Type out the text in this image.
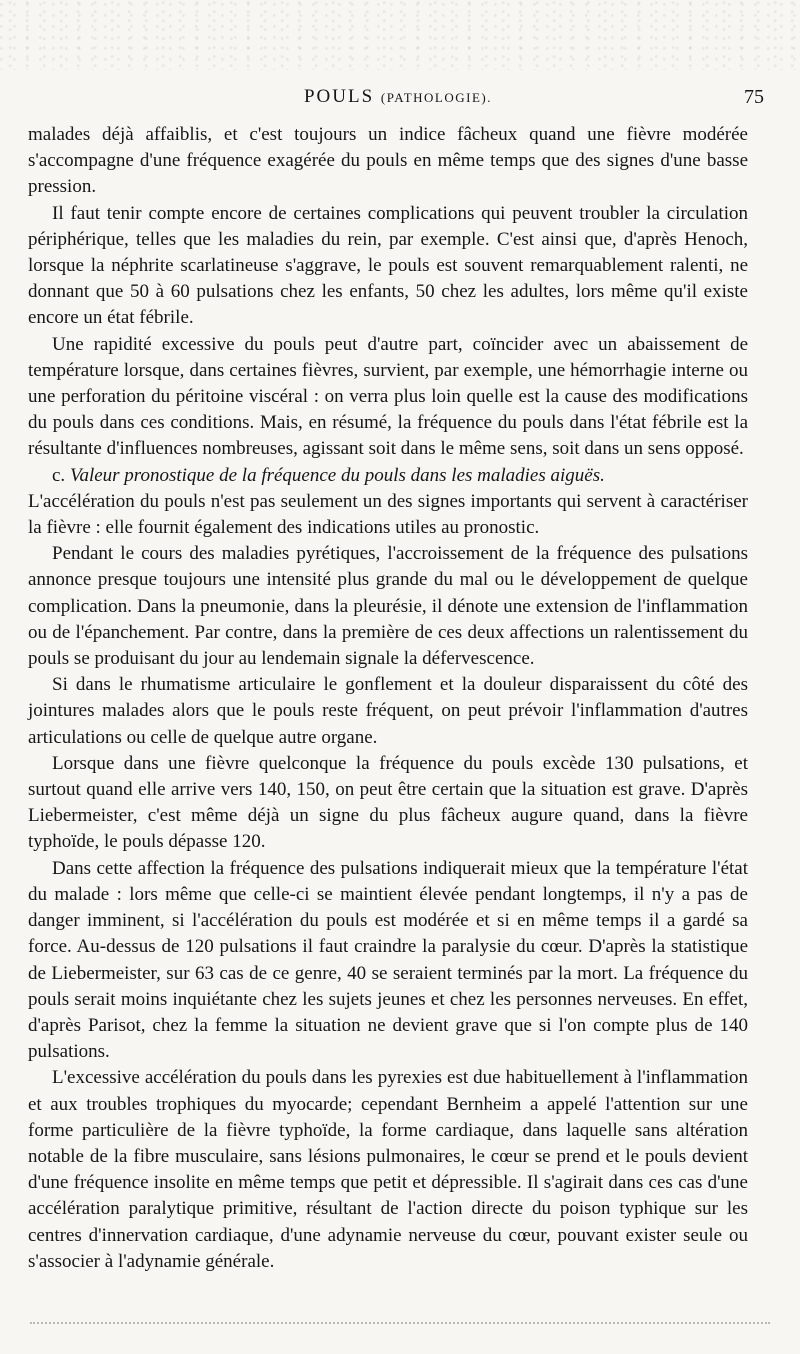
POULS (PATHOLOGIE).	75

malades déjà affaiblis, et c'est toujours un indice fâcheux quand une fièvre modérée s'accompagne d'une fréquence exagérée du pouls en même temps que des signes d'une basse pression.

Il faut tenir compte encore de certaines complications qui peuvent troubler la circulation périphérique, telles que les maladies du rein, par exemple. C'est ainsi que, d'après Henoch, lorsque la néphrite scarlatineuse s'aggrave, le pouls est souvent remarquablement ralenti, ne donnant que 50 à 60 pulsations chez les enfants, 50 chez les adultes, lors même qu'il existe encore un état fébrile.

Une rapidité excessive du pouls peut d'autre part, coïncider avec un abaissement de température lorsque, dans certaines fièvres, survient, par exemple, une hémorrhagie interne ou une perforation du péritoine viscéral : on verra plus loin quelle est la cause des modifications du pouls dans ces conditions. Mais, en résumé, la fréquence du pouls dans l'état fébrile est la résultante d'influences nombreuses, agissant soit dans le même sens, soit dans un sens opposé.

c. Valeur pronostique de la fréquence du pouls dans les maladies aiguës.

L'accélération du pouls n'est pas seulement un des signes importants qui servent à caractériser la fièvre : elle fournit également des indications utiles au pronostic.

Pendant le cours des maladies pyrétiques, l'accroissement de la fréquence des pulsations annonce presque toujours une intensité plus grande du mal ou le développement de quelque complication. Dans la pneumonie, dans la pleurésie, il dénote une extension de l'inflammation ou de l'épanchement. Par contre, dans la première de ces deux affections un ralentissement du pouls se produisant du jour au lendemain signale la défervescence.

Si dans le rhumatisme articulaire le gonflement et la douleur disparaissent du côté des jointures malades alors que le pouls reste fréquent, on peut prévoir l'inflammation d'autres articulations ou celle de quelque autre organe.

Lorsque dans une fièvre quelconque la fréquence du pouls excède 130 pulsations, et surtout quand elle arrive vers 140, 150, on peut être certain que la situation est grave. D'après Liebermeister, c'est même déjà un signe du plus fâcheux augure quand, dans la fièvre typhoïde, le pouls dépasse 120.

Dans cette affection la fréquence des pulsations indiquerait mieux que la température l'état du malade : lors même que celle-ci se maintient élevée pendant longtemps, il n'y a pas de danger imminent, si l'accélération du pouls est modérée et si en même temps il a gardé sa force. Au-dessus de 120 pulsations il faut craindre la paralysie du cœur. D'après la statistique de Liebermeister, sur 63 cas de ce genre, 40 se seraient terminés par la mort. La fréquence du pouls serait moins inquiétante chez les sujets jeunes et chez les personnes nerveuses. En effet, d'après Parisot, chez la femme la situation ne devient grave que si l'on compte plus de 140 pulsations.

L'excessive accélération du pouls dans les pyrexies est due habituellement à l'inflammation et aux troubles trophiques du myocarde; cependant Bernheim a appelé l'attention sur une forme particulière de la fièvre typhoïde, la forme cardiaque, dans laquelle sans altération notable de la fibre musculaire, sans lésions pulmonaires, le cœur se prend et le pouls devient d'une fréquence insolite en même temps que petit et dépressible. Il s'agirait dans ces cas d'une accélération paralytique primitive, résultant de l'action directe du poison typhique sur les centres d'innervation cardiaque, d'une adynamie nerveuse du cœur, pouvant exister seule ou s'associer à l'adynamie générale.
